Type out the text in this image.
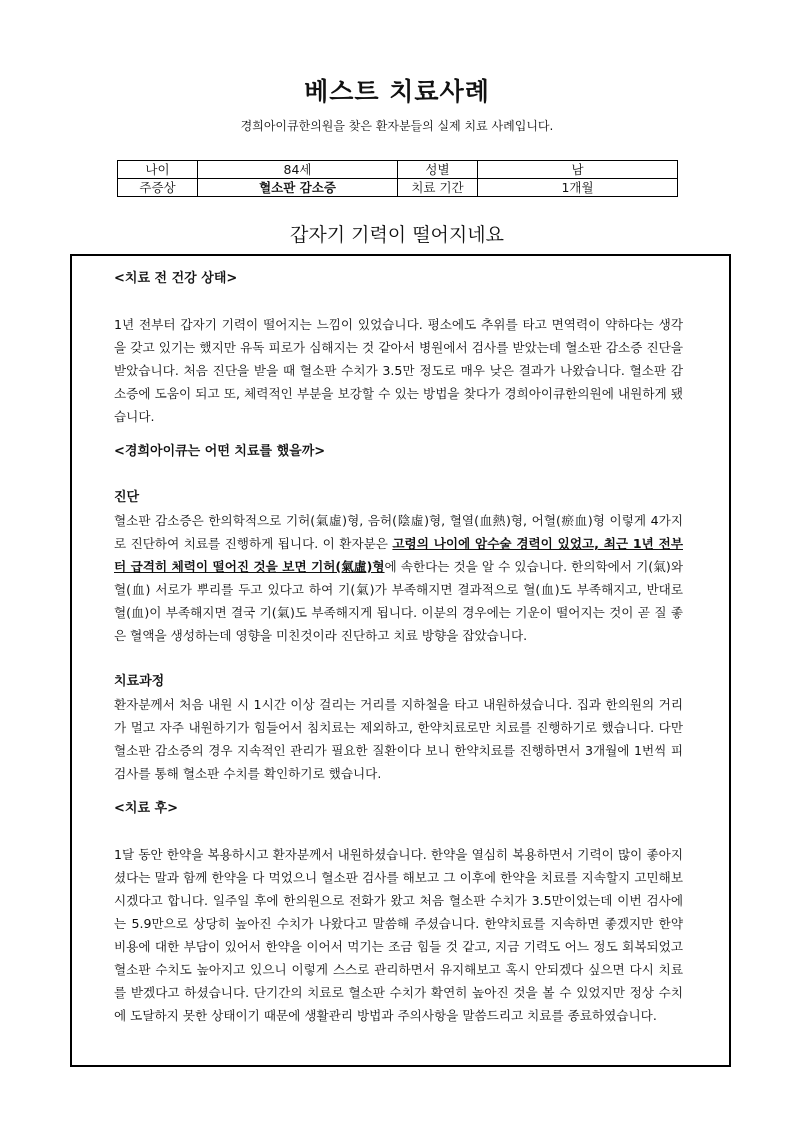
베스트 치료사례
경희아이큐한의원을 찾은 환자분들의 실제 치료 사례입니다.
나이	84세	성별	남
주증상	혈소판 감소증	치료 기간	1개월
갑자기 기력이 떨어지네요
<치료 전 건강 상태>

1년 전부터 갑자기 기력이 떨어지는 느낌이 있었습니다. 평소에도 추위를 타고 면역력이 약하다는 생각을 갖고 있기는 했지만 유독 피로가 심해지는 것 같아서 병원에서 검사를 받았는데 혈소판 감소증 진단을 받았습니다. 처음 진단을 받을 때 혈소판 수치가 3.5만 정도로 매우 낮은 결과가 나왔습니다. 혈소판 감소증에 도움이 되고 또, 체력적인 부분을 보강할 수 있는 방법을 찾다가 경희아이큐한의원에 내원하게 됐습니다.

<경희아이큐는 어떤 치료를 했을까>
진단

혈소판 감소증은 한의학적으로 기허(氣虛)형, 음허(陰虛)형, 혈열(血熱)형, 어혈(瘀血)형 이렇게 4가지로 진단하여 치료를 진행하게 됩니다. 이 환자분은 고령의 나이에 암수술 경력이 있었고, 최근 1년 전부터 급격히 체력이 떨어진 것을 보면 기허(氣虛)형에 속한다는 것을 알 수 있습니다. 한의학에서 기(氣)와 혈(血) 서로가 뿌리를 두고 있다고 하여 기(氣)가 부족해지면 결과적으로 혈(血)도 부족해지고, 반대로 혈(血)이 부족해지면 결국 기(氣)도 부족해지게 됩니다. 이분의 경우에는 기운이 떨어지는 것이 곧 질 좋은 혈액을 생성하는데 영향을 미친것이라 진단하고 치료 방향을 잡았습니다.

치료과정

환자분께서 처음 내원 시 1시간 이상 걸리는 거리를 지하철을 타고 내원하셨습니다. 집과 한의원의 거리가 멀고 자주 내원하기가 힘들어서 침치료는 제외하고, 한약치료로만 치료를 진행하기로 했습니다. 다만 혈소판 감소증의 경우 지속적인 관리가 필요한 질환이다 보니 한약치료를 진행하면서 3개월에 1번씩 피검사를 통해 혈소판 수치를 확인하기로 했습니다.

<치료 후>

1달 동안 한약을 복용하시고 환자분께서 내원하셨습니다. 한약을 열심히 복용하면서 기력이 많이 좋아지셨다는 말과 함께 한약을 다 먹었으니 혈소판 검사를 해보고 그 이후에 한약을 치료를 지속할지 고민해보시겠다고 합니다. 일주일 후에 한의원으로 전화가 왔고 처음 혈소판 수치가 3.5만이었는데 이번 검사에는 5.9만으로 상당히 높아진 수치가 나왔다고 말씀해 주셨습니다. 한약치료를 지속하면 좋겠지만 한약 비용에 대한 부담이 있어서 한약을 이어서 먹기는 조금 힘들 것 같고, 지금 기력도 어느 정도 회복되었고 혈소판 수치도 높아지고 있으니 이렇게 스스로 관리하면서 유지해보고 혹시 안되겠다 싶으면 다시 치료를 받겠다고 하셨습니다. 단기간의 치료로 혈소판 수치가 확연히 높아진 것을 볼 수 있었지만 정상 수치에 도달하지 못한 상태이기 때문에 생활관리 방법과 주의사항을 말씀드리고 치료를 종료하였습니다.
